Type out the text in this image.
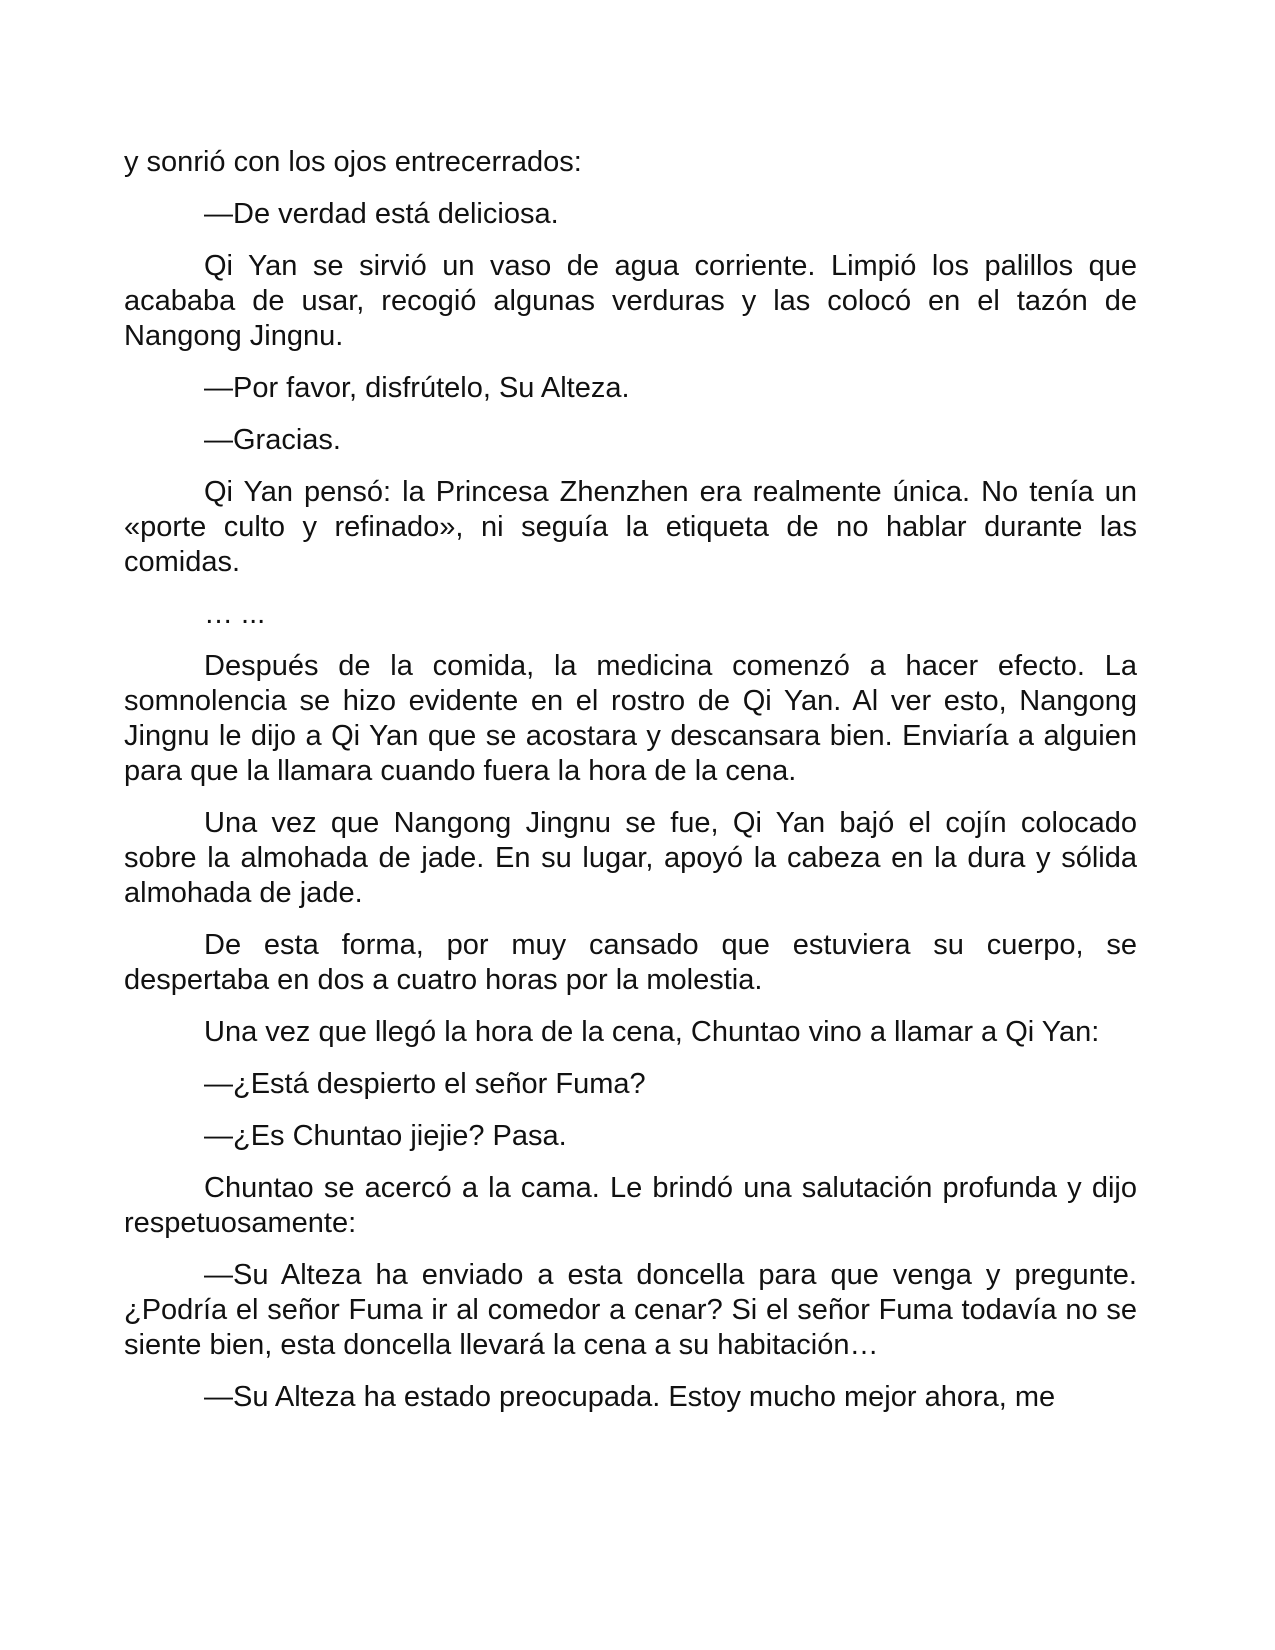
y sonrió con los ojos entrecerrados:

—De verdad está deliciosa.

Qi Yan se sirvió un vaso de agua corriente. Limpió los palillos que acababa de usar, recogió algunas verduras y las colocó en el tazón de Nangong Jingnu.

—Por favor, disfrútelo, Su Alteza.

—Gracias.

Qi Yan pensó: la Princesa Zhenzhen era realmente única. No tenía un «porte culto y refinado», ni seguía la etiqueta de no hablar durante las comidas.

… ...

Después de la comida, la medicina comenzó a hacer efecto. La somnolencia se hizo evidente en el rostro de Qi Yan. Al ver esto, Nangong Jingnu le dijo a Qi Yan que se acostara y descansara bien. Enviaría a alguien para que la llamara cuando fuera la hora de la cena.

Una vez que Nangong Jingnu se fue, Qi Yan bajó el cojín colocado sobre la almohada de jade. En su lugar, apoyó la cabeza en la dura y sólida almohada de jade.

De esta forma, por muy cansado que estuviera su cuerpo, se despertaba en dos a cuatro horas por la molestia.

Una vez que llegó la hora de la cena, Chuntao vino a llamar a Qi Yan:

—¿Está despierto el señor Fuma?

—¿Es Chuntao jiejie? Pasa.

Chuntao se acercó a la cama. Le brindó una salutación profunda y dijo respetuosamente:

—Su Alteza ha enviado a esta doncella para que venga y pregunte. ¿Podría el señor Fuma ir al comedor a cenar? Si el señor Fuma todavía no se siente bien, esta doncella llevará la cena a su habitación…

—Su Alteza ha estado preocupada. Estoy mucho mejor ahora, me
